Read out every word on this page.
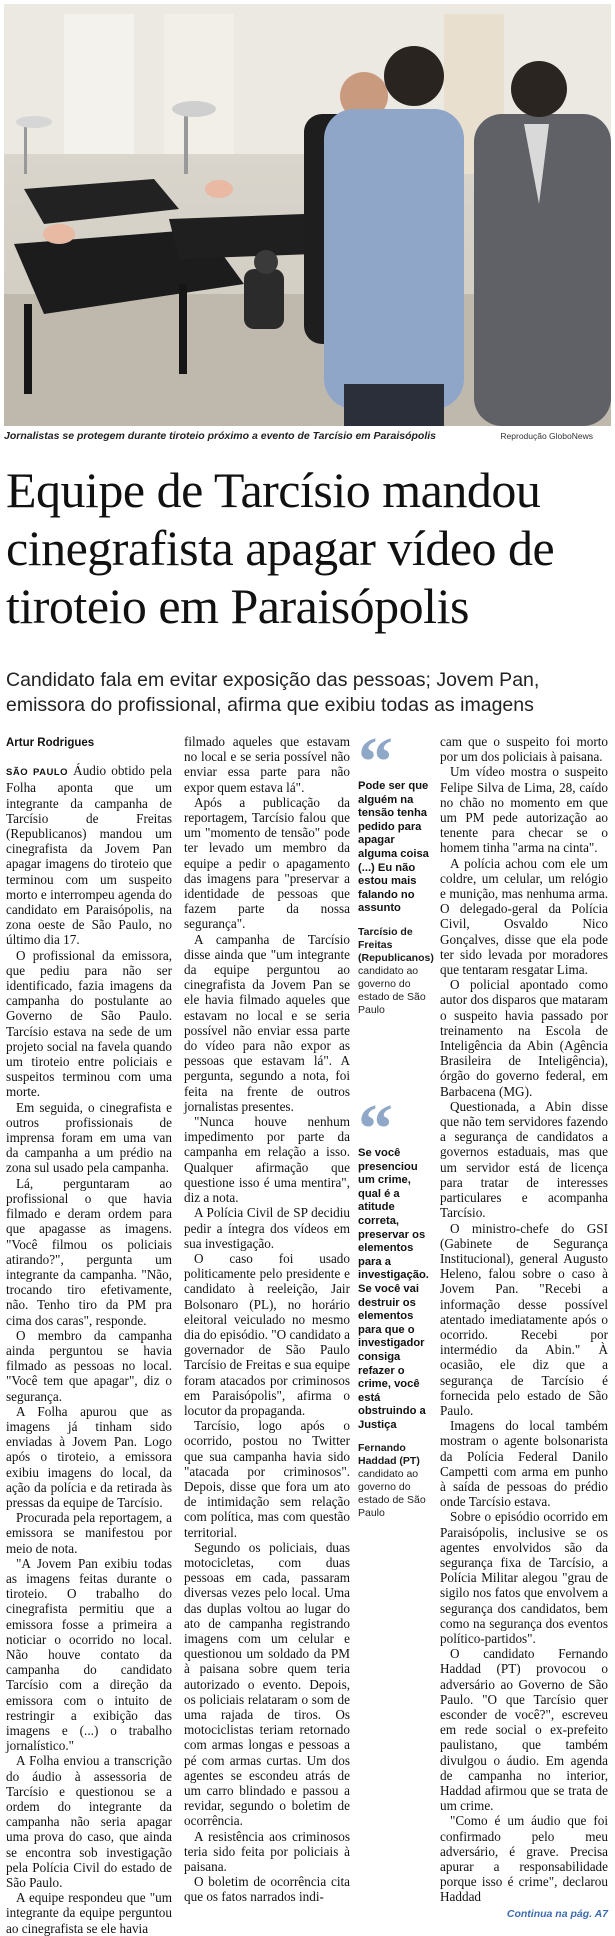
Jornalistas se protegem durante tiroteio próximo a evento de Tarcísio em Paraisópolis	Reprodução GloboNews
Equipe de Tarcísio mandou cinegrafista apagar vídeo de tiroteio em Paraisópolis

Candidato fala em evitar exposição das pessoas; Jovem Pan, emissora do profissional, afirma que exibiu todas as imagens

Artur Rodrigues

SÃO PAULO Áudio obtido pela Folha aponta que um integrante da campanha de Tarcísio de Freitas (Republicanos) mandou um cinegrafista da Jovem Pan apagar imagens do tiroteio que terminou com um suspeito morto e interrompeu agenda do candidato em Paraisópolis, na zona oeste de São Paulo, no último dia 17.

O profissional da emissora, que pediu para não ser identificado, fazia imagens da campanha do postulante ao Governo de São Paulo. Tarcísio estava na sede de um projeto social na favela quando um tiroteio entre policiais e suspeitos terminou com uma morte.

Em seguida, o cinegrafista e outros profissionais de imprensa foram em uma van da campanha a um prédio na zona sul usado pela campanha.

Lá, perguntaram ao profissional o que havia filmado e deram ordem para que apagasse as imagens. "Você filmou os policiais atirando?", pergunta um integrante da campanha. "Não, trocando tiro efetivamente, não. Tenho tiro da PM pra cima dos caras", responde.

O membro da campanha ainda perguntou se havia filmado as pessoas no local. "Você tem que apagar", diz o segurança.

A Folha apurou que as imagens já tinham sido enviadas à Jovem Pan. Logo após o tiroteio, a emissora exibiu imagens do local, da ação da polícia e da retirada às pressas da equipe de Tarcísio.

Procurada pela reportagem, a emissora se manifestou por meio de nota.

"A Jovem Pan exibiu todas as imagens feitas durante o tiroteio. O trabalho do cinegrafista permitiu que a emissora fosse a primeira a noticiar o ocorrido no local. Não houve contato da campanha do candidato Tarcísio com a direção da emissora com o intuito de restringir a exibição das imagens e (...) o trabalho jornalístico."

A Folha enviou a transcrição do áudio à assessoria de Tarcísio e questionou se a ordem do integrante da campanha não seria apagar uma prova do caso, que ainda se encontra sob investigação pela Polícia Civil do estado de São Paulo.

A equipe respondeu que "um integrante da equipe perguntou ao cinegrafista se ele havia

filmado aqueles que estavam no local e se seria possível não enviar essa parte para não expor quem estava lá".

Após a publicação da reportagem, Tarcísio falou que um "momento de tensão" pode ter levado um membro da equipe a pedir o apagamento das imagens para "preservar a identidade de pessoas que fazem parte da nossa segurança".

A campanha de Tarcísio disse ainda que "um integrante da equipe perguntou ao cinegrafista da Jovem Pan se ele havia filmado aqueles que estavam no local e se seria possível não enviar essa parte do vídeo para não expor as pessoas que estavam lá". A pergunta, segundo a nota, foi feita na frente de outros jornalistas presentes.

"Nunca houve nenhum impedimento por parte da campanha em relação a isso. Qualquer afirmação que questione isso é uma mentira", diz a nota.

A Polícia Civil de SP decidiu pedir a íntegra dos vídeos em sua investigação.

O caso foi usado politicamente pelo presidente e candidato à reeleição, Jair Bolsonaro (PL), no horário eleitoral veiculado no mesmo dia do episódio. "O candidato a governador de São Paulo Tarcísio de Freitas e sua equipe foram atacados por criminosos em Paraisópolis", afirma o locutor da propaganda.

Tarcísio, logo após o ocorrido, postou no Twitter que sua campanha havia sido "atacada por criminosos". Depois, disse que fora um ato de intimidação sem relação com política, mas com questão territorial.

Segundo os policiais, duas motocicletas, com duas pessoas em cada, passaram diversas vezes pelo local. Uma das duplas voltou ao lugar do ato de campanha registrando imagens com um celular e questionou um soldado da PM à paisana sobre quem teria autorizado o evento. Depois, os policiais relataram o som de uma rajada de tiros. Os motociclistas teriam retornado com armas longas e pessoas a pé com armas curtas. Um dos agentes se escondeu atrás de um carro blindado e passou a revidar, segundo o boletim de ocorrência.

A resistência aos criminosos teria sido feita por policiais à paisana.

O boletim de ocorrência cita que os fatos narrados indi-

Pode ser que alguém na tensão tenha pedido para apagar alguma coisa (...) Eu não estou mais falando no assunto
Tarcísio de Freitas (Republicanos)
candidato ao governo do estado de São Paulo
Se você presenciou um crime, qual é a atitude correta, preservar os elementos para a investigação. Se você vai destruir os elementos para que o investigador consiga refazer o crime, você está obstruindo a Justiça
Fernando Haddad (PT)
candidato ao governo do estado de São Paulo

cam que o suspeito foi morto por um dos policiais à paisana.

Um vídeo mostra o suspeito Felipe Silva de Lima, 28, caído no chão no momento em que um PM pede autorização ao tenente para checar se o homem tinha "arma na cinta".

A polícia achou com ele um coldre, um celular, um relógio e munição, mas nenhuma arma. O delegado-geral da Polícia Civil, Osvaldo Nico Gonçalves, disse que ela pode ter sido levada por moradores que tentaram resgatar Lima.

O policial apontado como autor dos disparos que mataram o suspeito havia passado por treinamento na Escola de Inteligência da Abin (Agência Brasileira de Inteligência), órgão do governo federal, em Barbacena (MG).

Questionada, a Abin disse que não tem servidores fazendo a segurança de candidatos a governos estaduais, mas que um servidor está de licença para tratar de interesses particulares e acompanha Tarcísio.

O ministro-chefe do GSI (Gabinete de Segurança Institucional), general Augusto Heleno, falou sobre o caso à Jovem Pan. "Recebi a informação desse possível atentado imediatamente após o ocorrido. Recebi por intermédio da Abin." À ocasião, ele diz que a segurança de Tarcísio é fornecida pelo estado de São Paulo.

Imagens do local também mostram o agente bolsonarista da Polícia Federal Danilo Campetti com arma em punho à saída de pessoas do prédio onde Tarcísio estava.

Sobre o episódio ocorrido em Paraisópolis, inclusive se os agentes envolvidos são da segurança fixa de Tarcísio, a Polícia Militar alegou "grau de sigilo nos fatos que envolvem a segurança dos candidatos, bem como na segurança dos eventos político-partidos".

O candidato Fernando Haddad (PT) provocou o adversário ao Governo de São Paulo. "O que Tarcísio quer esconder de você?", escreveu em rede social o ex-prefeito paulistano, que também divulgou o áudio. Em agenda de campanha no interior, Haddad afirmou que se trata de um crime.

"Como é um áudio que foi confirmado pelo meu adversário, é grave. Precisa apurar a responsabilidade porque isso é crime", declarou Haddad

Continua na pág. A7
